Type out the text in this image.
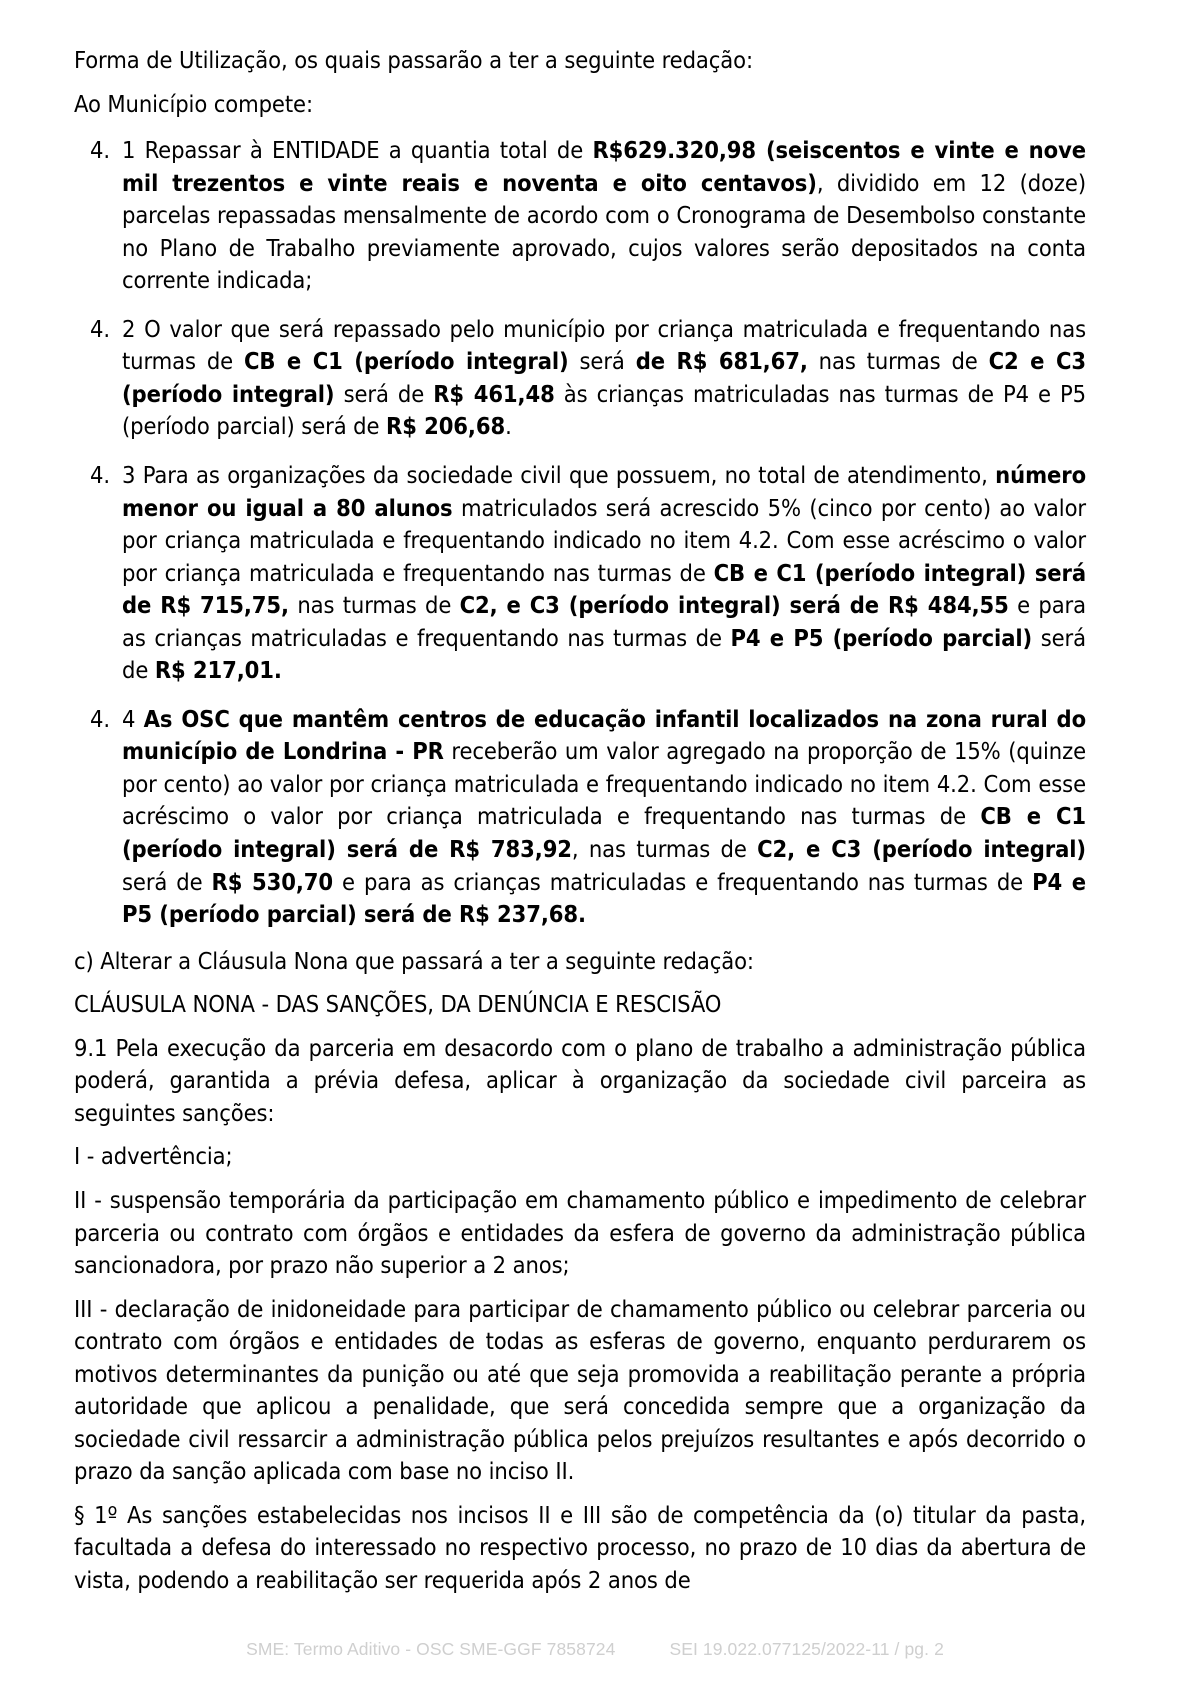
Forma de Utilização, os quais passarão a ter a seguinte redação:

Ao Município compete:

4. 1 Repassar à ENTIDADE a quantia total de R$629.320,98 (seiscentos e vinte e nove mil trezentos e vinte reais e noventa e oito centavos), dividido em 12 (doze) parcelas repassadas mensalmente de acordo com o Cronograma de Desembolso constante no Plano de Trabalho previamente aprovado, cujos valores serão depositados na conta corrente indicada;
4. 2 O valor que será repassado pelo município por criança matriculada e frequentando nas turmas de CB e C1 (período integral) será de R$ 681,67, nas turmas de C2 e C3 (período integral) será de R$ 461,48 às crianças matriculadas nas turmas de P4 e P5 (período parcial) será de R$ 206,68.
4. 3 Para as organizações da sociedade civil que possuem, no total de atendimento, número menor ou igual a 80 alunos matriculados será acrescido 5% (cinco por cento) ao valor por criança matriculada e frequentando indicado no item 4.2. Com esse acréscimo o valor por criança matriculada e frequentando nas turmas de CB e C1 (período integral) será de R$ 715,75, nas turmas de C2, e C3 (período integral) será de R$ 484,55 e para as crianças matriculadas e frequentando nas turmas de P4 e P5 (período parcial) será de R$ 217,01.
4. 4 As OSC que mantêm centros de educação infantil localizados na zona rural do município de Londrina - PR receberão um valor agregado na proporção de 15% (quinze por cento) ao valor por criança matriculada e frequentando indicado no item 4.2. Com esse acréscimo o valor por criança matriculada e frequentando nas turmas de CB e C1 (período integral) será de R$ 783,92, nas turmas de C2, e C3 (período integral) será de R$ 530,70 e para as crianças matriculadas e frequentando nas turmas de P4 e P5 (período parcial) será de R$ 237,68.

c) Alterar a Cláusula Nona que passará a ter a seguinte redação:

CLÁUSULA NONA - DAS SANÇÕES, DA DENÚNCIA E RESCISÃO

9.1 Pela execução da parceria em desacordo com o plano de trabalho a administração pública poderá, garantida a prévia defesa, aplicar à organização da sociedade civil parceira as seguintes sanções:

I - advertência;

II - suspensão temporária da participação em chamamento público e impedimento de celebrar parceria ou contrato com órgãos e entidades da esfera de governo da administração pública sancionadora, por prazo não superior a 2 anos;

III - declaração de inidoneidade para participar de chamamento público ou celebrar parceria ou contrato com órgãos e entidades de todas as esferas de governo, enquanto perdurarem os motivos determinantes da punição ou até que seja promovida a reabilitação perante a própria autoridade que aplicou a penalidade, que será concedida sempre que a organização da sociedade civil ressarcir a administração pública pelos prejuízos resultantes e após decorrido o prazo da sanção aplicada com base no inciso II.

§ 1º As sanções estabelecidas nos incisos II e III são de competência da (o) titular da pasta, facultada a defesa do interessado no respectivo processo, no prazo de 10 dias da abertura de vista, podendo a reabilitação ser requerida após 2 anos de

SME: Termo Aditivo - OSC SME-GGF 7858724	SEI 19.022.077125/2022-11 / pg. 2
